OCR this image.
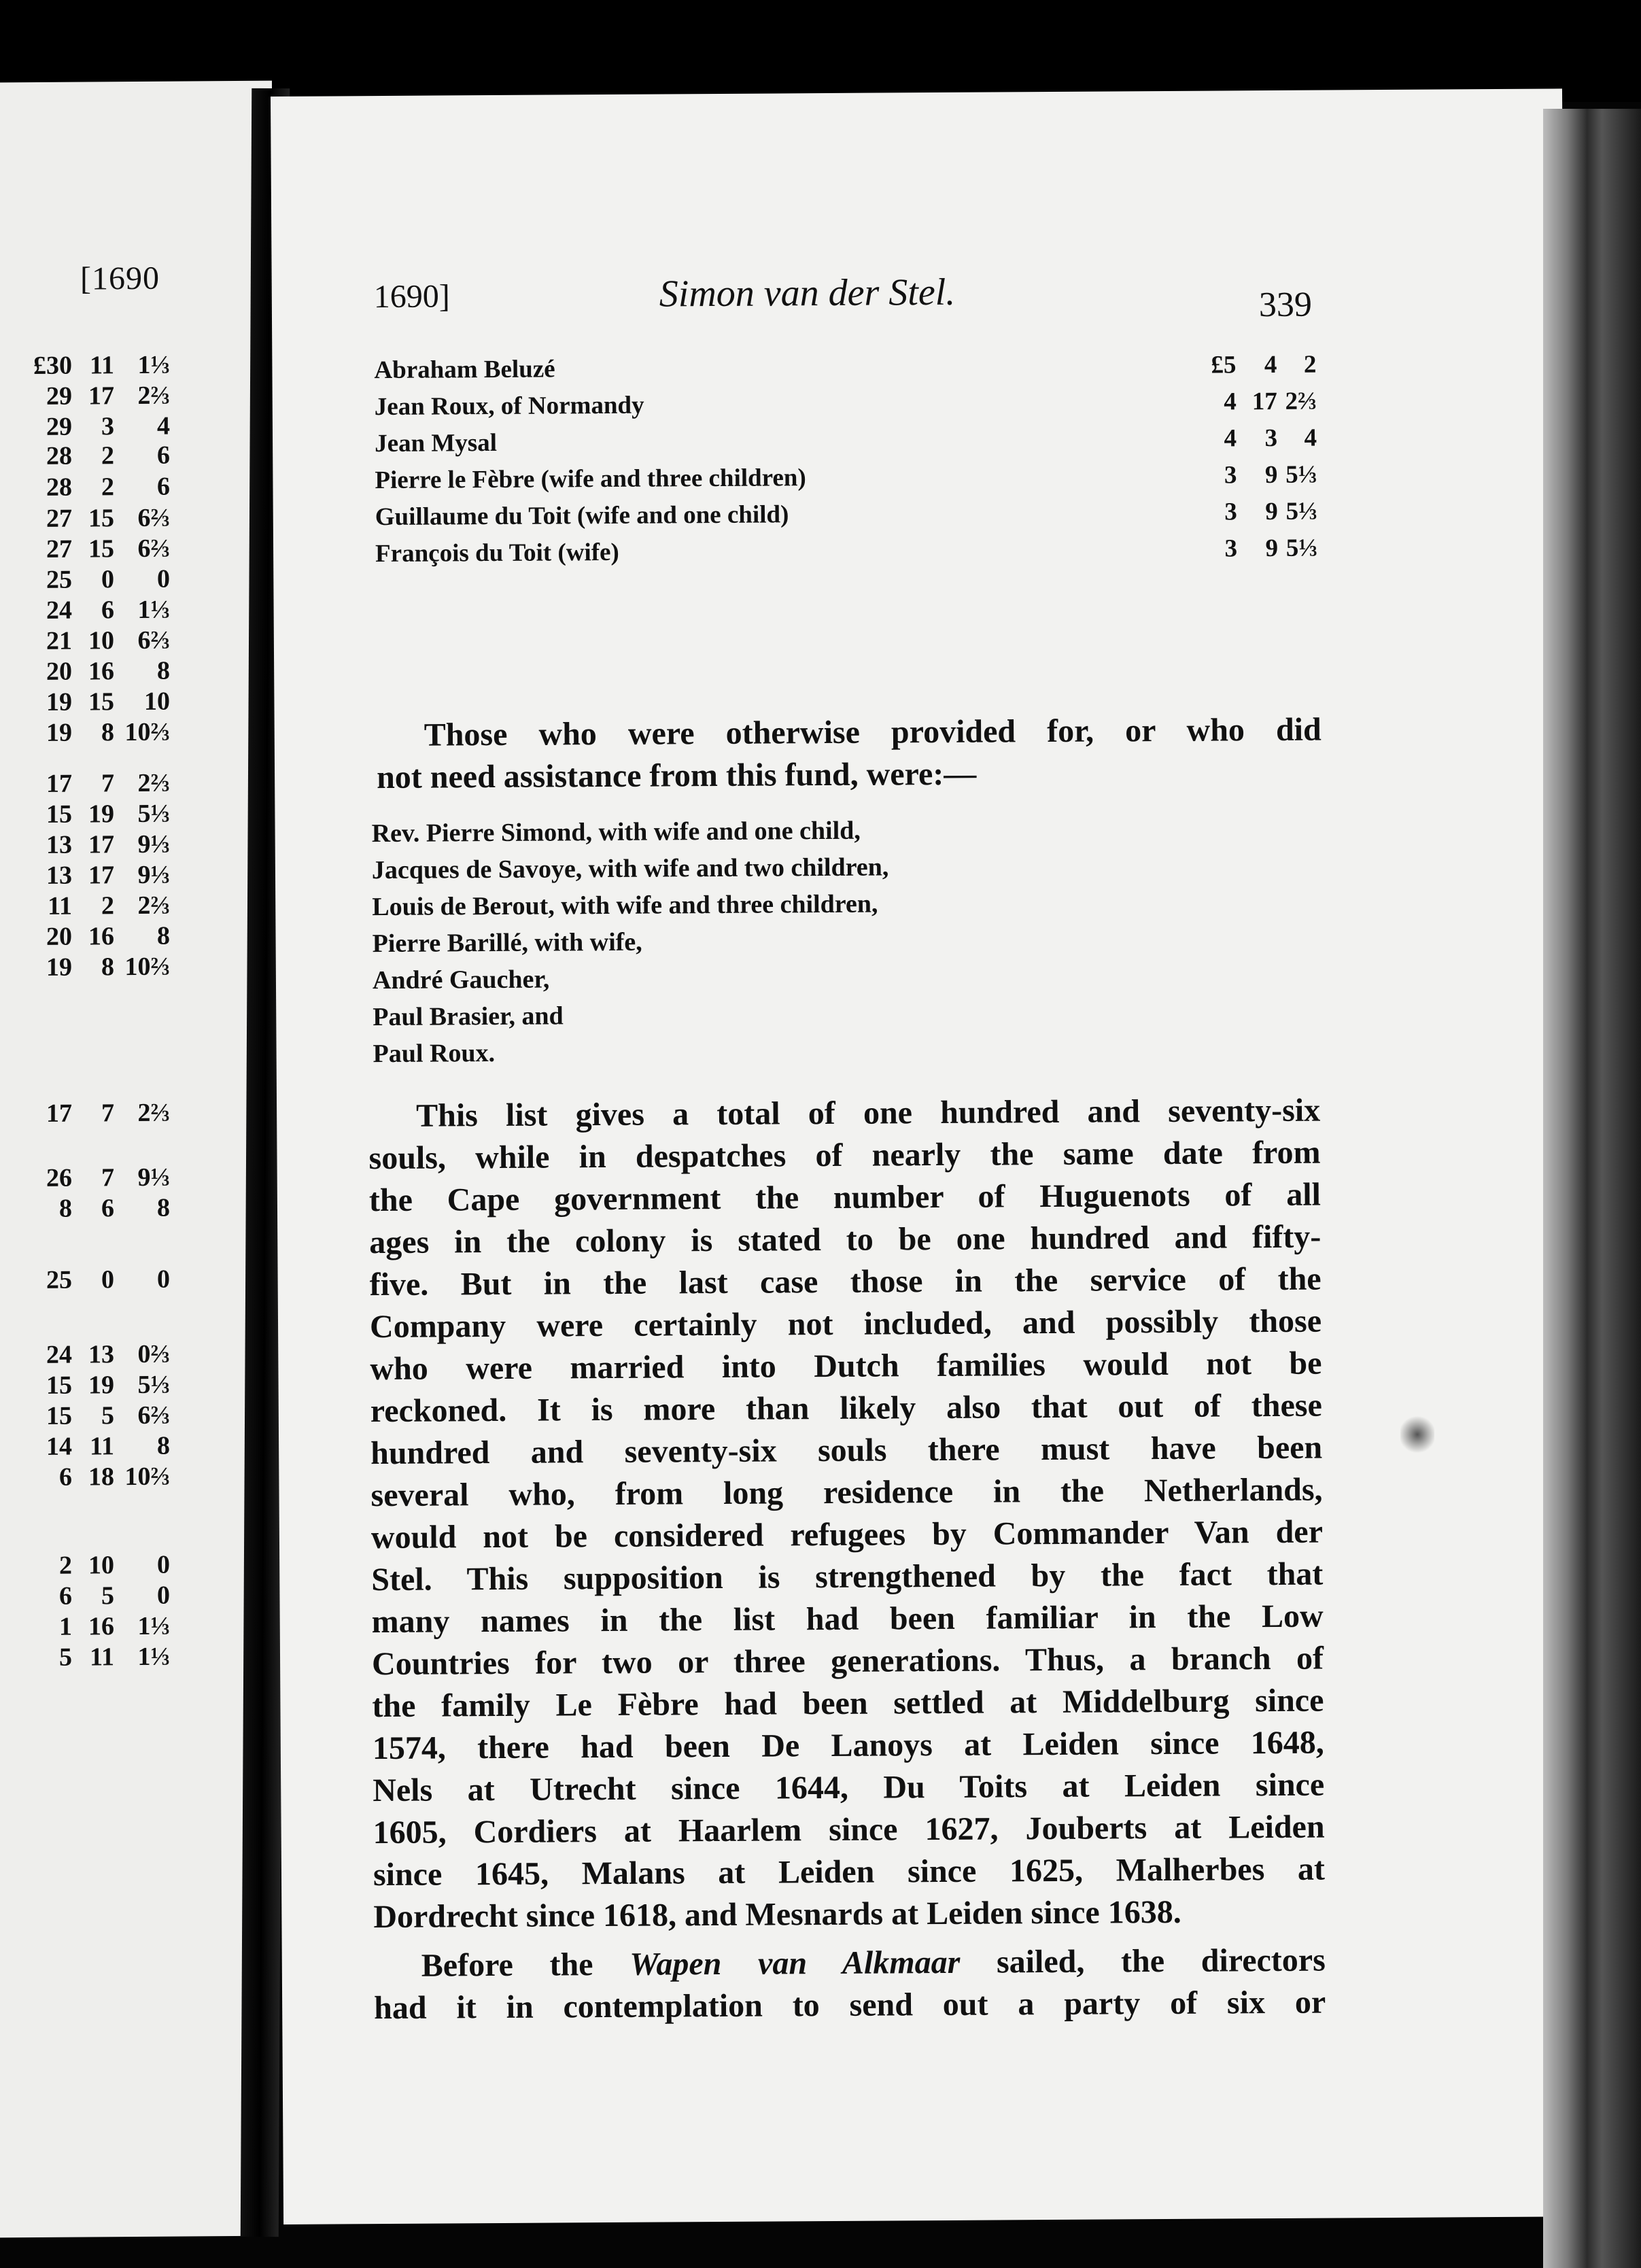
[1690
£30 11 1⅓
29 17 2⅔
29 3 4
28 2 6
28 2 6
27 15 6⅔
27 15 6⅔
25 0 0
24 6 1⅓
21 10 6⅔
20 16 8
19 15 10
19 8 10⅔
17 7 2⅔
15 19 5⅓
13 17 9⅓
13 17 9⅓
11 2 2⅔
20 16 8
19 8 10⅔
17 7 2⅔
26 7 9⅓
8 6 8
25 0 0
24 13 0⅔
15 19 5⅓
15 5 6⅔
14 11 8
6 18 10⅔
2 10 0
6 5 0
1 16 1⅓
5 11 1⅓
1690]	Simon van der Stel.	339
Abraham Beluzé	£5 4 2
Jean Roux, of Normandy	4 17 2⅔
Jean Mysal	4 3 4
Pierre le Fèbre (wife and three children)	3 9 5⅓
Guillaume du Toit (wife and one child)	3 9 5⅓
François du Toit (wife)	3 9 5⅓
Those who were otherwise provided for, or who did
not need assistance from this fund, were:—
Rev. Pierre Simond, with wife and one child,
Jacques de Savoye, with wife and two children,
Louis de Berout, with wife and three children,
Pierre Barillé, with wife,
André Gaucher,
Paul Brasier, and
Paul Roux.
This list gives a total of one hundred and seventy-six
souls, while in despatches of nearly the same date from
the Cape government the number of Huguenots of all
ages in the colony is stated to be one hundred and fifty-
five. But in the last case those in the service of the
Company were certainly not included, and possibly those
who were married into Dutch families would not be
reckoned. It is more than likely also that out of these
hundred and seventy-six souls there must have been
several who, from long residence in the Netherlands,
would not be considered refugees by Commander Van der
Stel. This supposition is strengthened by the fact that
many names in the list had been familiar in the Low
Countries for two or three generations. Thus, a branch of
the family Le Fèbre had been settled at Middelburg since
1574, there had been De Lanoys at Leiden since 1648,
Nels at Utrecht since 1644, Du Toits at Leiden since
1605, Cordiers at Haarlem since 1627, Jouberts at Leiden
since 1645, Malans at Leiden since 1625, Malherbes at
Dordrecht since 1618, and Mesnards at Leiden since 1638.
Before the Wapen van Alkmaar sailed, the directors
had it in contemplation to send out a party of six or
